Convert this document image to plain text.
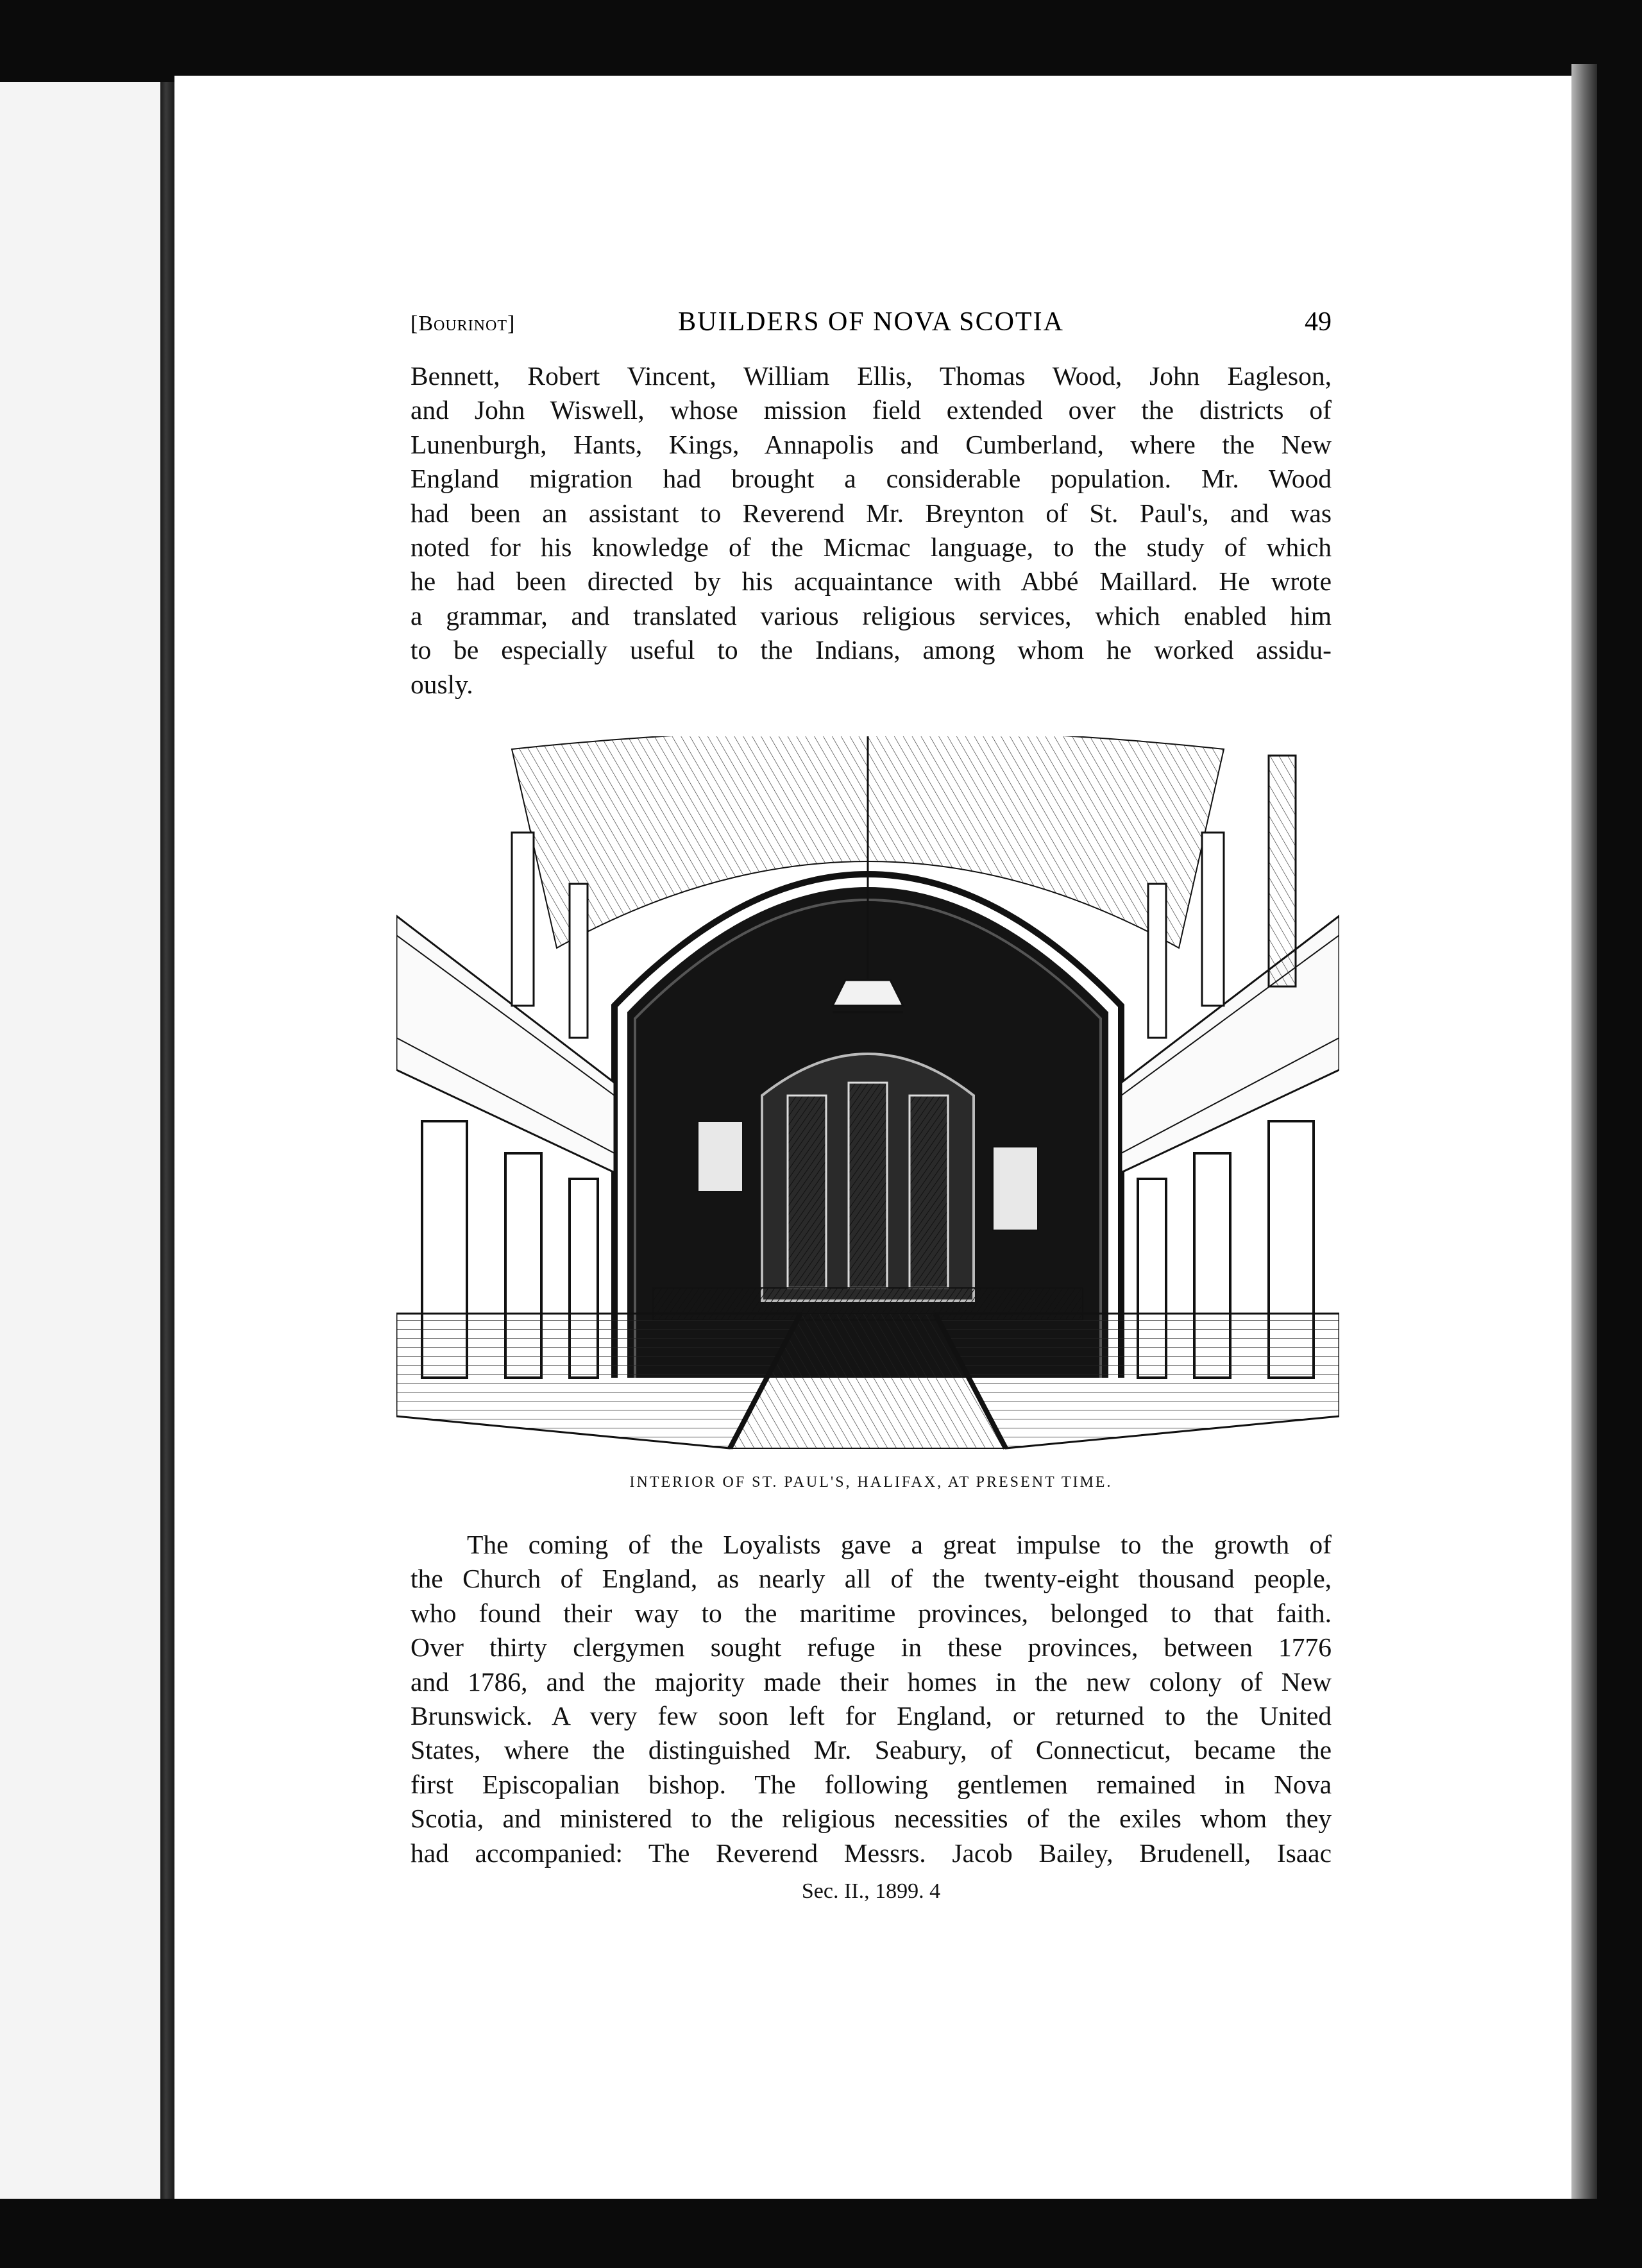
[Bourinot]	BUILDERS OF NOVA SCOTIA	49
Bennett, Robert Vincent, William Ellis, Thomas Wood, John Eagleson,
and John Wiswell, whose mission field extended over the districts of
Lunenburgh, Hants, Kings, Annapolis and Cumberland, where the New
England migration had brought a considerable population. Mr. Wood
had been an assistant to Reverend Mr. Breynton of St. Paul's, and was
noted for his knowledge of the Micmac language, to the study of which
he had been directed by his acquaintance with Abbé Maillard. He wrote
a grammar, and translated various religious services, which enabled him
to be especially useful to the Indians, among whom he worked assidu-
ously.
INTERIOR OF ST. PAUL'S, HALIFAX, AT PRESENT TIME.
The coming of the Loyalists gave a great impulse to the growth of
the Church of England, as nearly all of the twenty-eight thousand people,
who found their way to the maritime provinces, belonged to that faith.
Over thirty clergymen sought refuge in these provinces, between 1776
and 1786, and the majority made their homes in the new colony of New
Brunswick. A very few soon left for England, or returned to the United
States, where the distinguished Mr. Seabury, of Connecticut, became the
first Episcopalian bishop. The following gentlemen remained in Nova
Scotia, and ministered to the religious necessities of the exiles whom they
had accompanied: The Reverend Messrs. Jacob Bailey, Brudenell, Isaac
Sec. II., 1899. 4
